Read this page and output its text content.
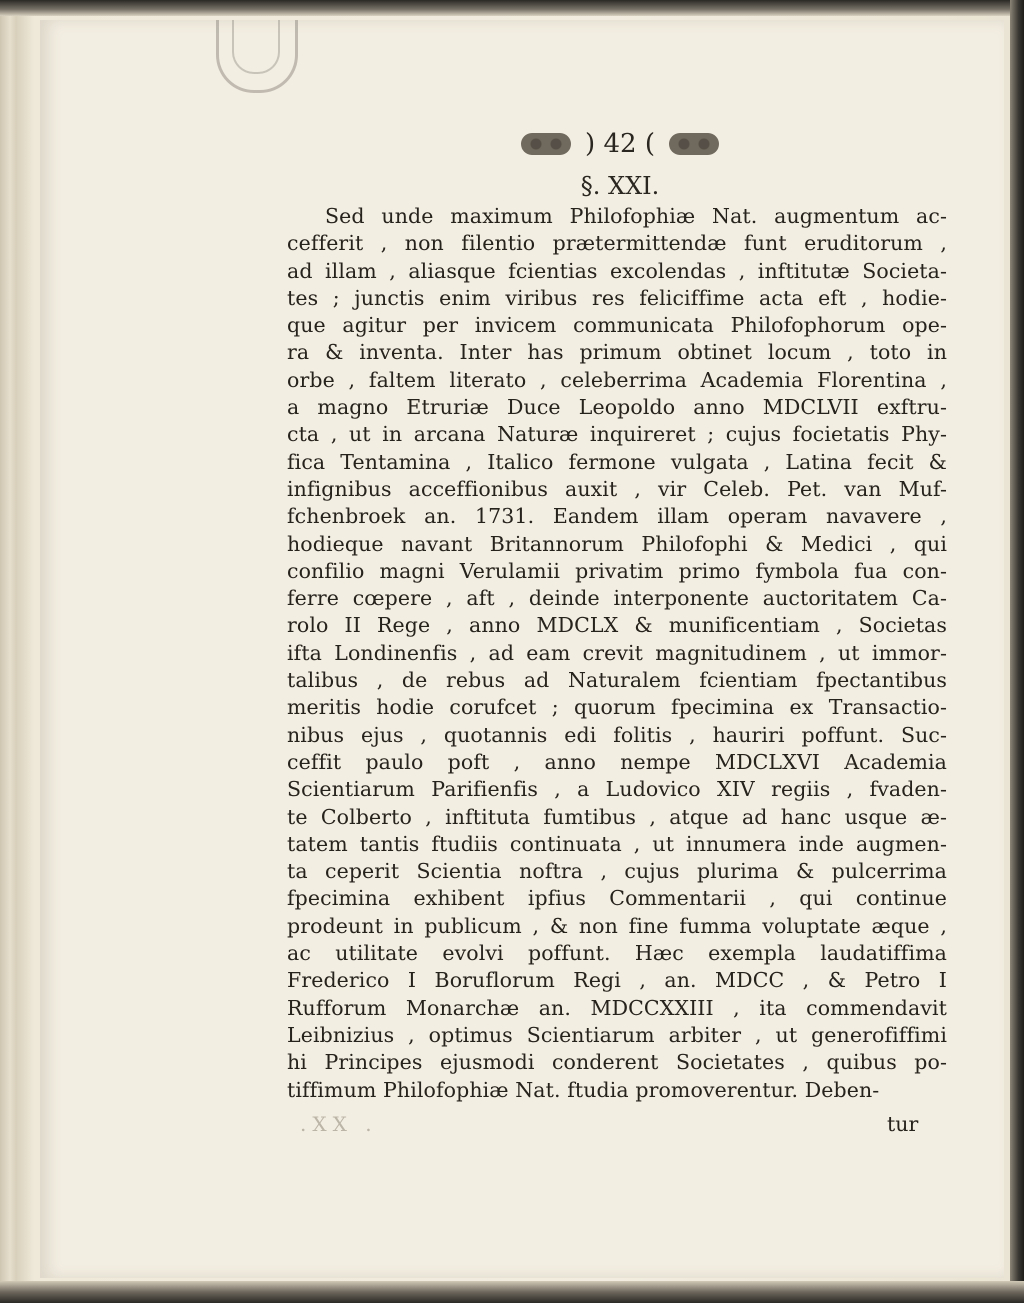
) 42 (
§. XXI.
Sed unde maximum Philofophiæ Nat. augmentum ac-
cefferit , non filentio prætermittendæ funt eruditorum ,
ad illam , aliasque fcientias excolendas , inftitutæ Societa-
tes ; junctis enim viribus res feliciffime acta eft , hodie-
que agitur per invicem communicata Philofophorum ope-
ra & inventa. Inter has primum obtinet locum , toto in
orbe , faltem literato , celeberrima Academia Florentina ,
a magno Etruriæ Duce Leopoldo anno MDCLVII exftru-
cta , ut in arcana Naturæ inquireret ; cujus focietatis Phy-
fica Tentamina , Italico fermone vulgata , Latina fecit &
infignibus acceffionibus auxit , vir Celeb. Pet. van Muf-
fchenbroek an. 1731. Eandem illam operam navavere ,
hodieque navant Britannorum Philofophi & Medici , qui
confilio magni Verulamii privatim primo fymbola fua con-
ferre cœpere , aft , deinde interponente auctoritatem Ca-
rolo II Rege , anno MDCLX & munificentiam , Societas
ifta Londinenfis , ad eam crevit magnitudinem , ut immor-
talibus , de rebus ad Naturalem fcientiam fpectantibus
meritis hodie corufcet ; quorum fpecimina ex Transactio-
nibus ejus , quotannis edi folitis , hauriri poffunt. Suc-
ceffit paulo poft , anno nempe MDCLXVI Academia
Scientiarum Parifienfis , a Ludovico XIV regiis , fvaden-
te Colberto , inftituta fumtibus , atque ad hanc usque æ-
tatem tantis ftudiis continuata , ut innumera inde augmen-
ta ceperit Scientia noftra , cujus plurima & pulcerrima
fpecimina exhibent ipfius Commentarii , qui continue
prodeunt in publicum , & non fine fumma voluptate æque ,
ac utilitate evolvi poffunt. Hæc exempla laudatiffima
Frederico I Boruflorum Regi , an. MDCC , & Petro I
Rufforum Monarchæ an. MDCCXXIII , ita commendavit
Leibnizius , optimus Scientiarum arbiter , ut generofiffimi
hi Principes ejusmodi conderent Societates , quibus po-
tiffimum Philofophiæ Nat. ftudia promoverentur. Deben-
.ⅩⅩ .	tur
